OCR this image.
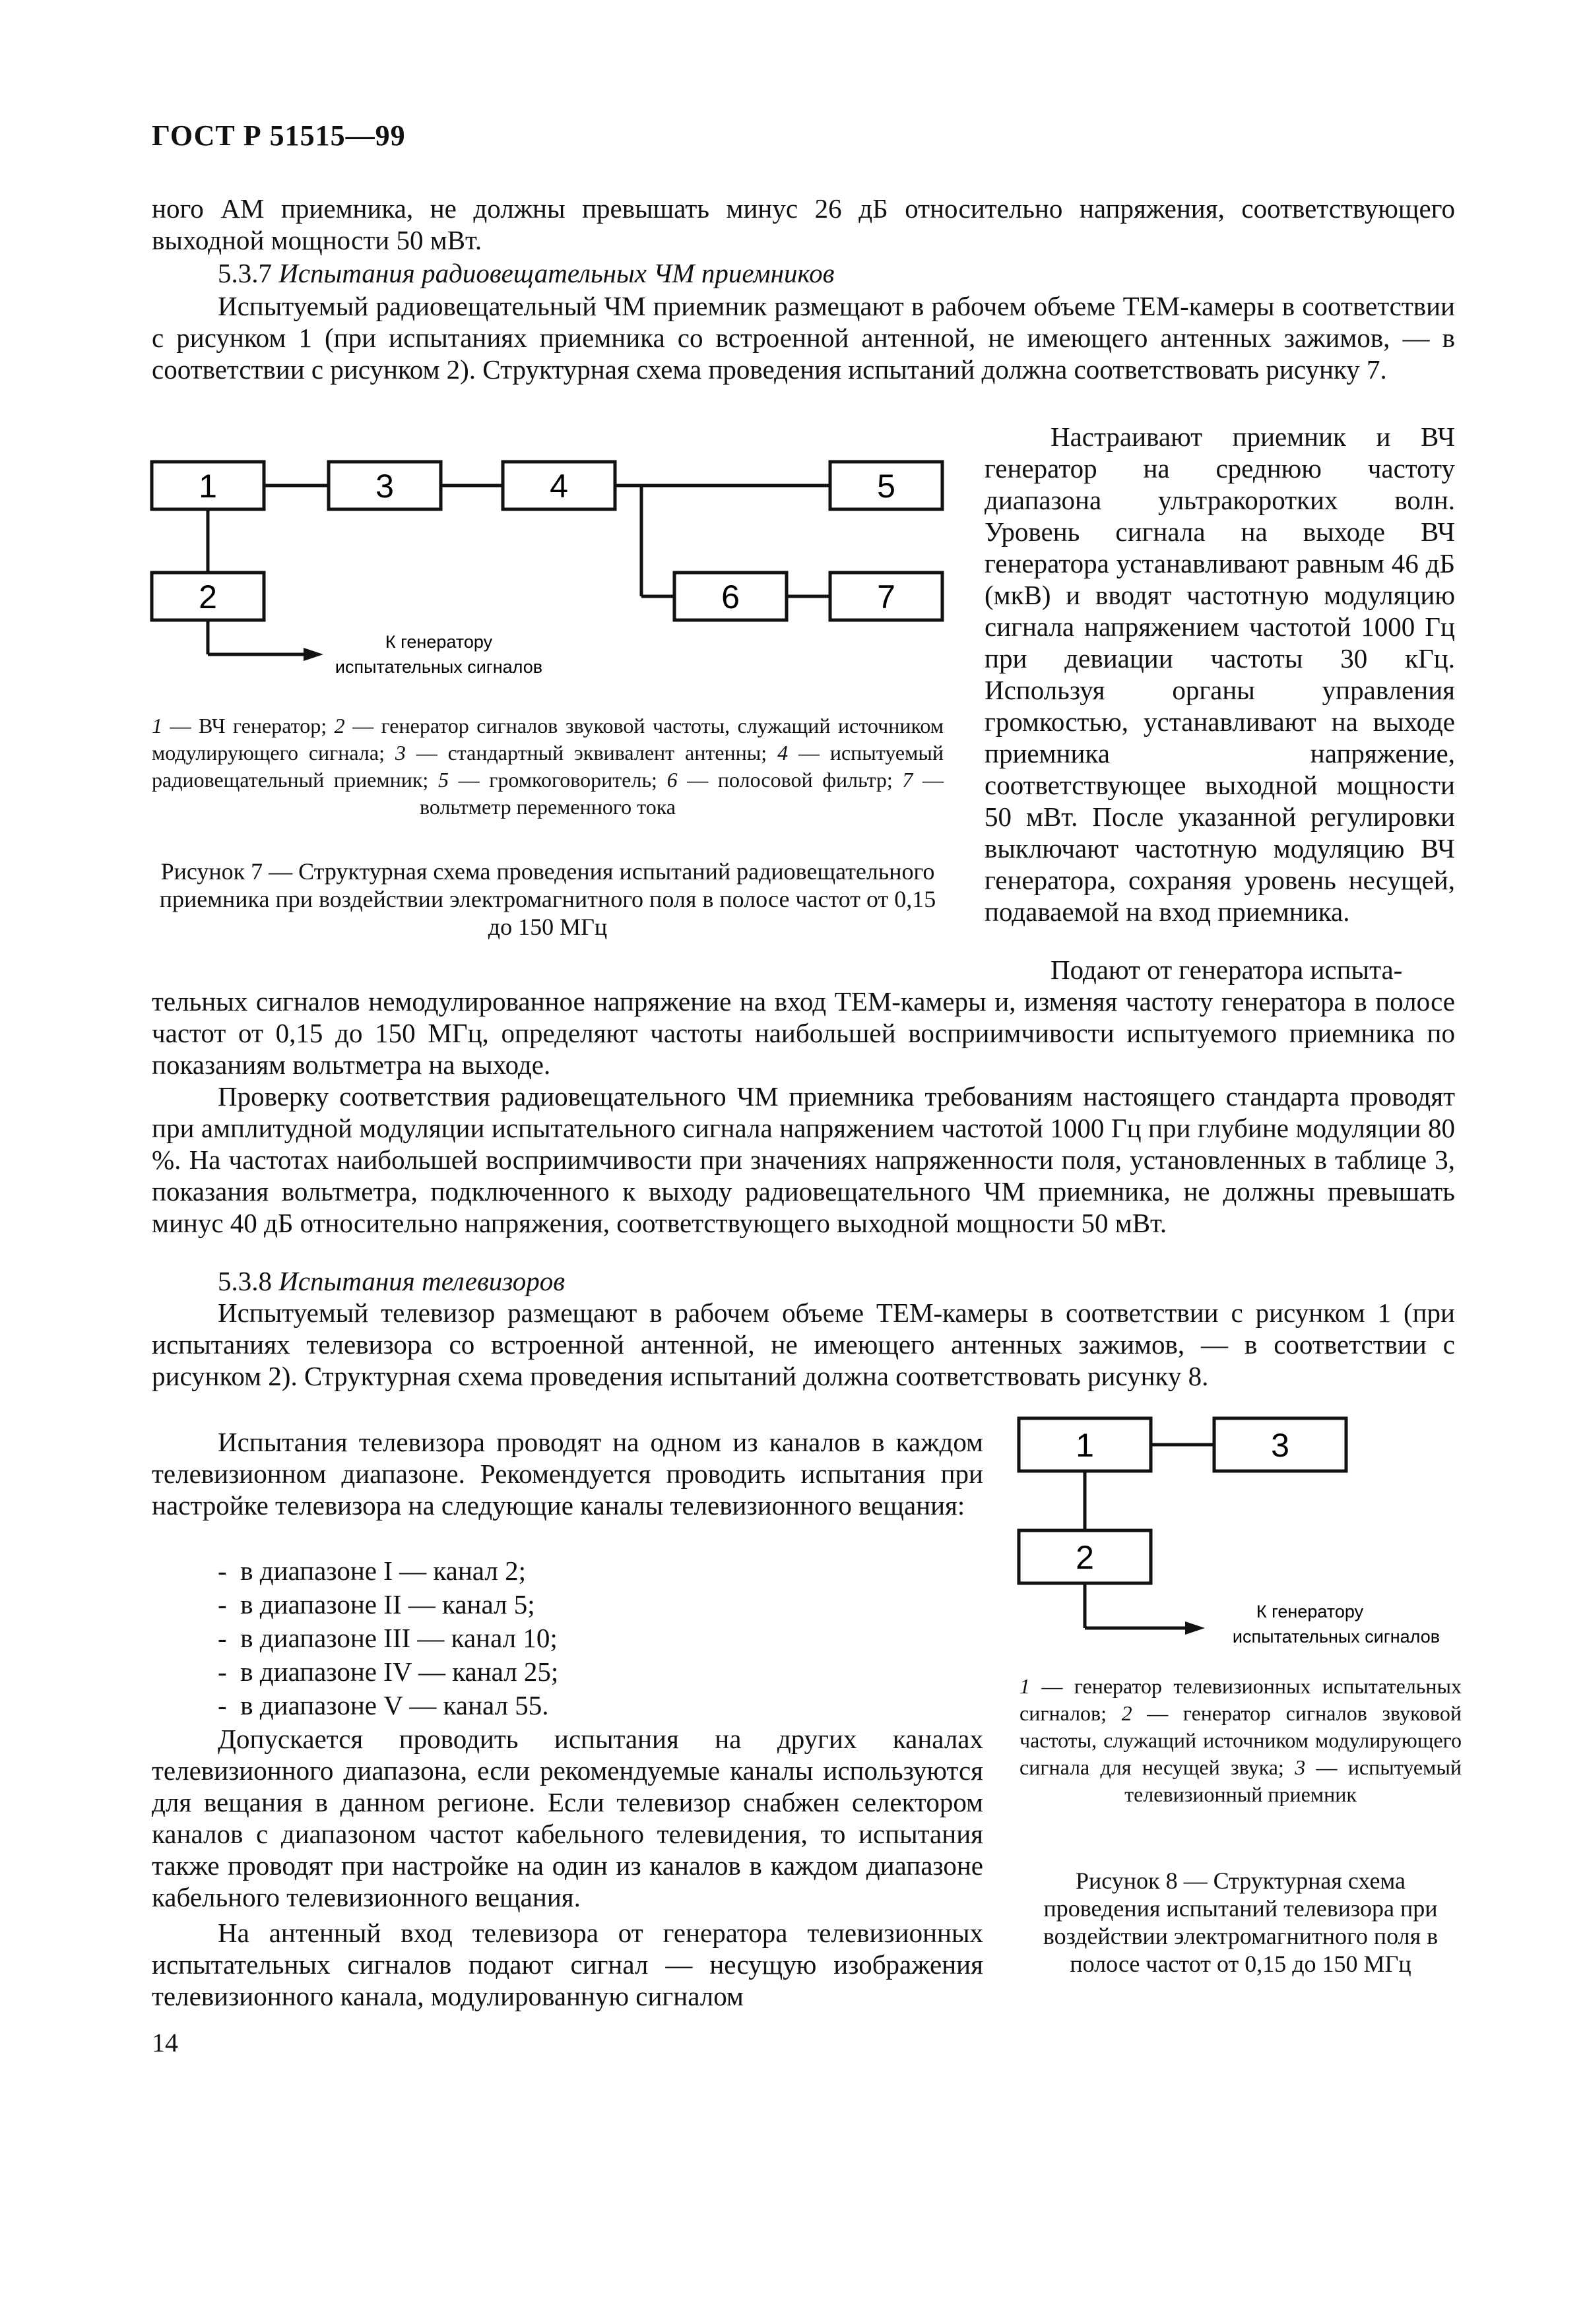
ГОСТ Р 51515—99
ного АМ приемника, не должны превышать минус 26 дБ относительно напряжения, соответствующего выходной мощности 50 мВт.
5.3.7 Испытания радиовещательных ЧМ приемников
Испытуемый радиовещательный ЧМ приемник размещают в рабочем объеме ТЕМ-камеры в соответствии с рисунком 1 (при испытаниях приемника со встроенной антенной, не имеющего антенных зажимов, — в соответствии с рисунком 2). Структурная схема проведения испытаний должна соответствовать рисунку 7.
1
2
3	4	5
6	7
К генератору
испытательных сигналов
1 — ВЧ генератор; 2 — генератор сигналов звуковой частоты, служащий источником модулирующего сигнала; 3 — стандартный эквивалент антенны; 4 — испытуемый радиовещательный приемник; 5 — громкоговоритель; 6 — полосовой фильтр; 7 — вольтметр переменного тока
Рисунок 7 — Структурная схема проведения испытаний радиовещательного приемника при воздействии электромагнитного поля в полосе частот от 0,15 до 150 МГц
Настраивают приемник и ВЧ генератор на среднюю частоту диапазона ультракоротких волн. Уровень сигнала на выходе ВЧ генератора устанавливают равным 46 дБ (мкВ) и вводят частотную модуляцию сигнала напряжением частотой 1000 Гц при девиации частоты 30 кГц. Используя органы управления громкостью, устанавливают на выходе приемника напряжение, соответствующее выходной мощности 50 мВт. После указанной регулировки выключают частотную модуляцию ВЧ генератора, сохраняя уровень несущей, подаваемой на вход приемника.
Подают от генератора испыта-
тельных сигналов немодулированное напряжение на вход ТЕМ-камеры и, изменяя частоту генератора в полосе частот от 0,15 до 150 МГц, определяют частоты наибольшей восприимчивости испытуемого приемника по показаниям вольтметра на выходе.
Проверку соответствия радиовещательного ЧМ приемника требованиям настоящего стандарта проводят при амплитудной модуляции испытательного сигнала напряжением частотой 1000 Гц при глубине модуляции 80 %. На частотах наибольшей восприимчивости при значениях напряженности поля, установленных в таблице 3, показания вольтметра, подключенного к выходу радиовещательного ЧМ приемника, не должны превышать минус 40 дБ относительно напряжения, соответствующего выходной мощности 50 мВт.
5.3.8 Испытания телевизоров
Испытуемый телевизор размещают в рабочем объеме ТЕМ-камеры в соответствии с рисунком 1 (при испытаниях телевизора со встроенной антенной, не имеющего антенных зажимов, — в соответствии с рисунком 2). Структурная схема проведения испытаний должна соответствовать рисунку 8.
Испытания телевизора проводят на одном из каналов в каждом телевизионном диапазоне. Рекомендуется проводить испытания при настройке телевизора на следующие каналы телевизионного вещания:
- в диапазоне I — канал 2;
- в диапазоне II — канал 5;
- в диапазоне III — канал 10;
- в диапазоне IV — канал 25;
- в диапазоне V — канал 55.
Допускается проводить испытания на других каналах телевизионного диапазона, если рекомендуемые каналы используются для вещания в данном регионе. Если телевизор снабжен селектором каналов с диапазоном частот кабельного телевидения, то испытания также проводят при настройке на один из каналов в каждом диапазоне кабельного телевизионного вещания.
На антенный вход телевизора от генератора телевизионных испытательных сигналов подают сигнал — несущую изображения телевизионного канала, модулированную сигналом
1	3
2
К генератору
испытательных сигналов
1 — генератор телевизионных испытательных сигналов; 2 — генератор сигналов звуковой частоты, служащий источником модулирующего сигнала для несущей звука; 3 — испытуемый телевизионный приемник
Рисунок 8 — Структурная схема проведения испытаний телевизора при воздействии электромагнитного поля в полосе частот от 0,15 до 150 МГц
14
